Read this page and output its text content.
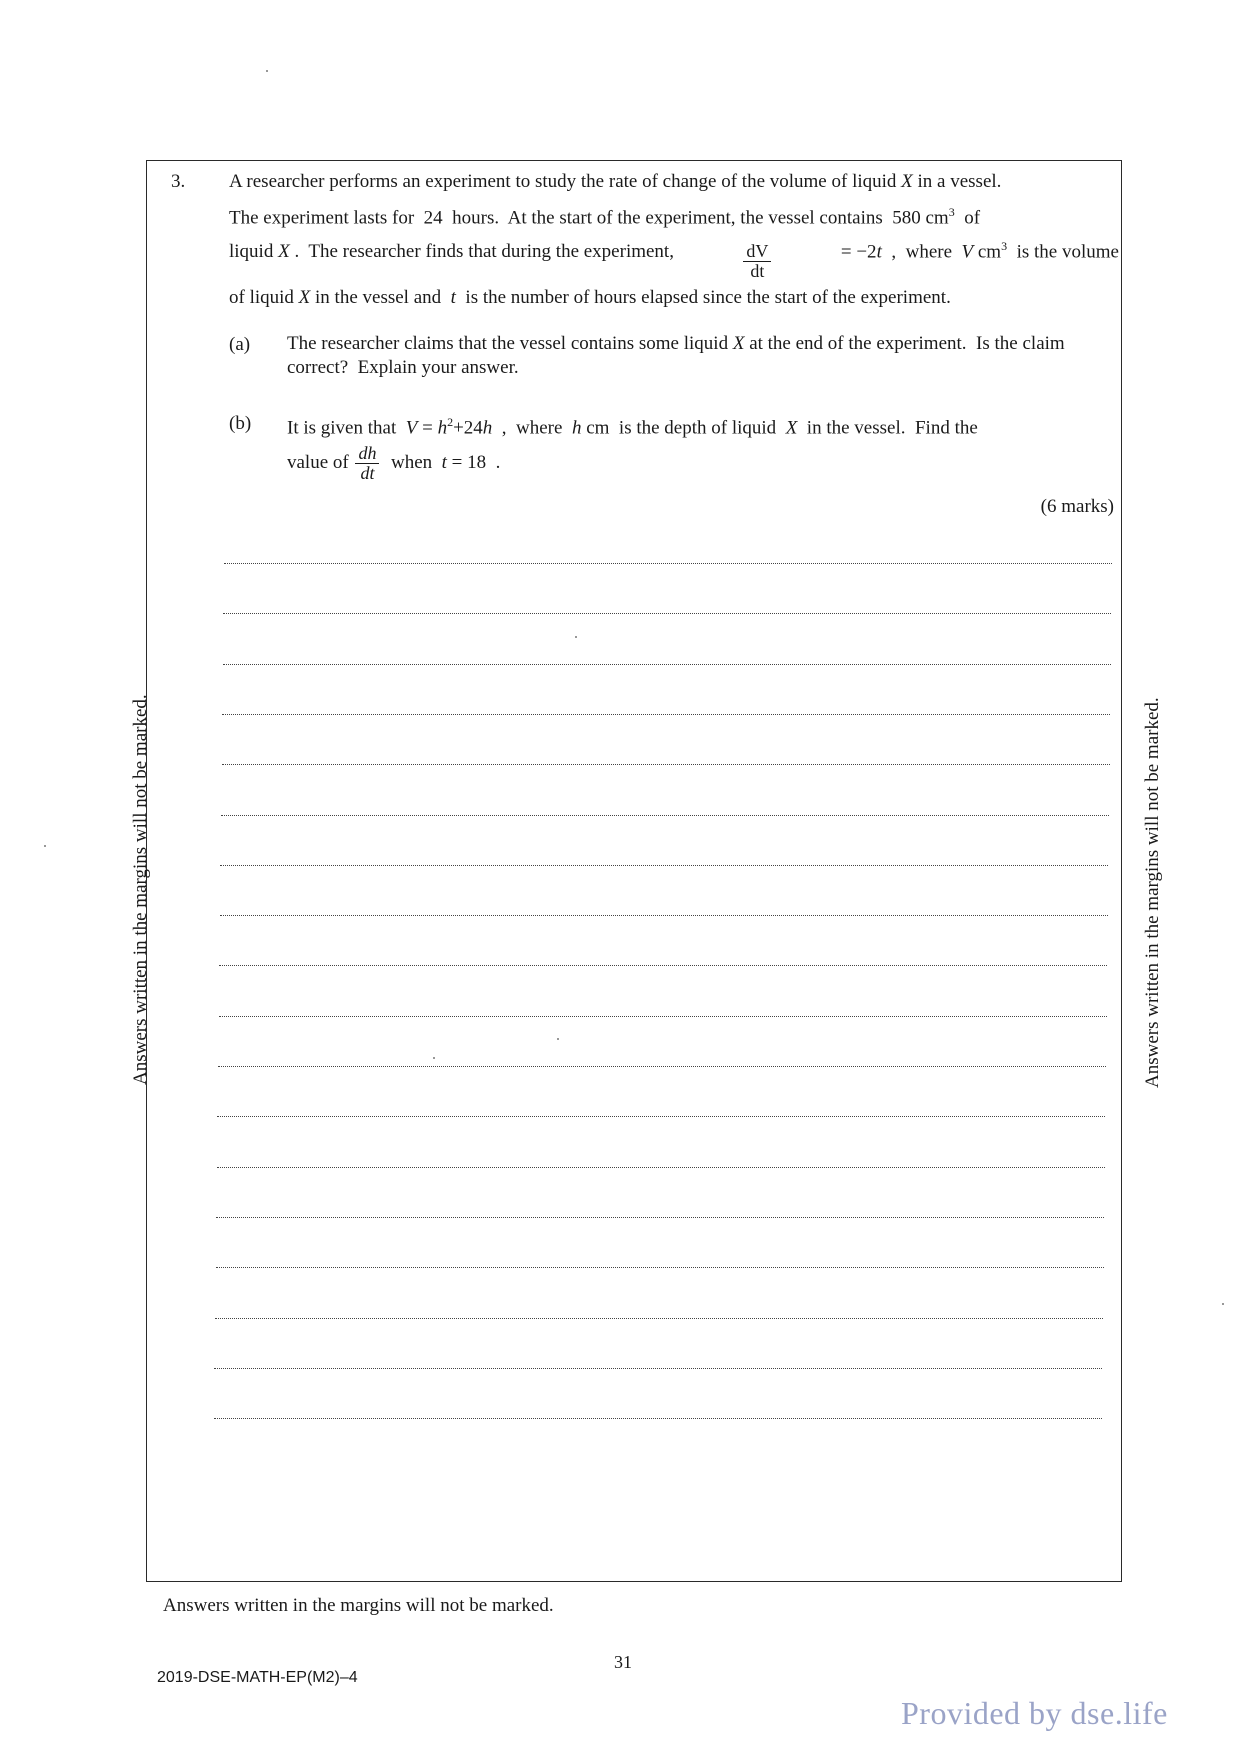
3. A researcher performs an experiment to study the rate of change of the volume of liquid X in a vessel.
The experiment lasts for  24  hours.  At the start of the experiment, the vessel contains  580 $cm^3$  of
liquid X .  The researcher finds that during the experiment,	$\frac{dV}{dt}$	= −2t  ,  where  V $cm^3$  is the volume
of liquid X in the vessel and  t  is the number of hours elapsed since the start of the experiment.
(a) The researcher claims that the vessel contains some liquid X at the end of the experiment.  Is the claim correct?  Explain your answer.
(b) It is given that  $V = h^2+24h$  ,  where  h cm  is the depth of liquid  X  in the vessel.  Find the
value of $\frac{dh}{dt}$ when  t = 18  .
(6 marks)
Answers written in the margins will not be marked.	Answers written in the margins will not be marked.
Answers written in the margins will not be marked.
2019-DSE-MATH-EP(M2)–4
31
Provided by dse.life
